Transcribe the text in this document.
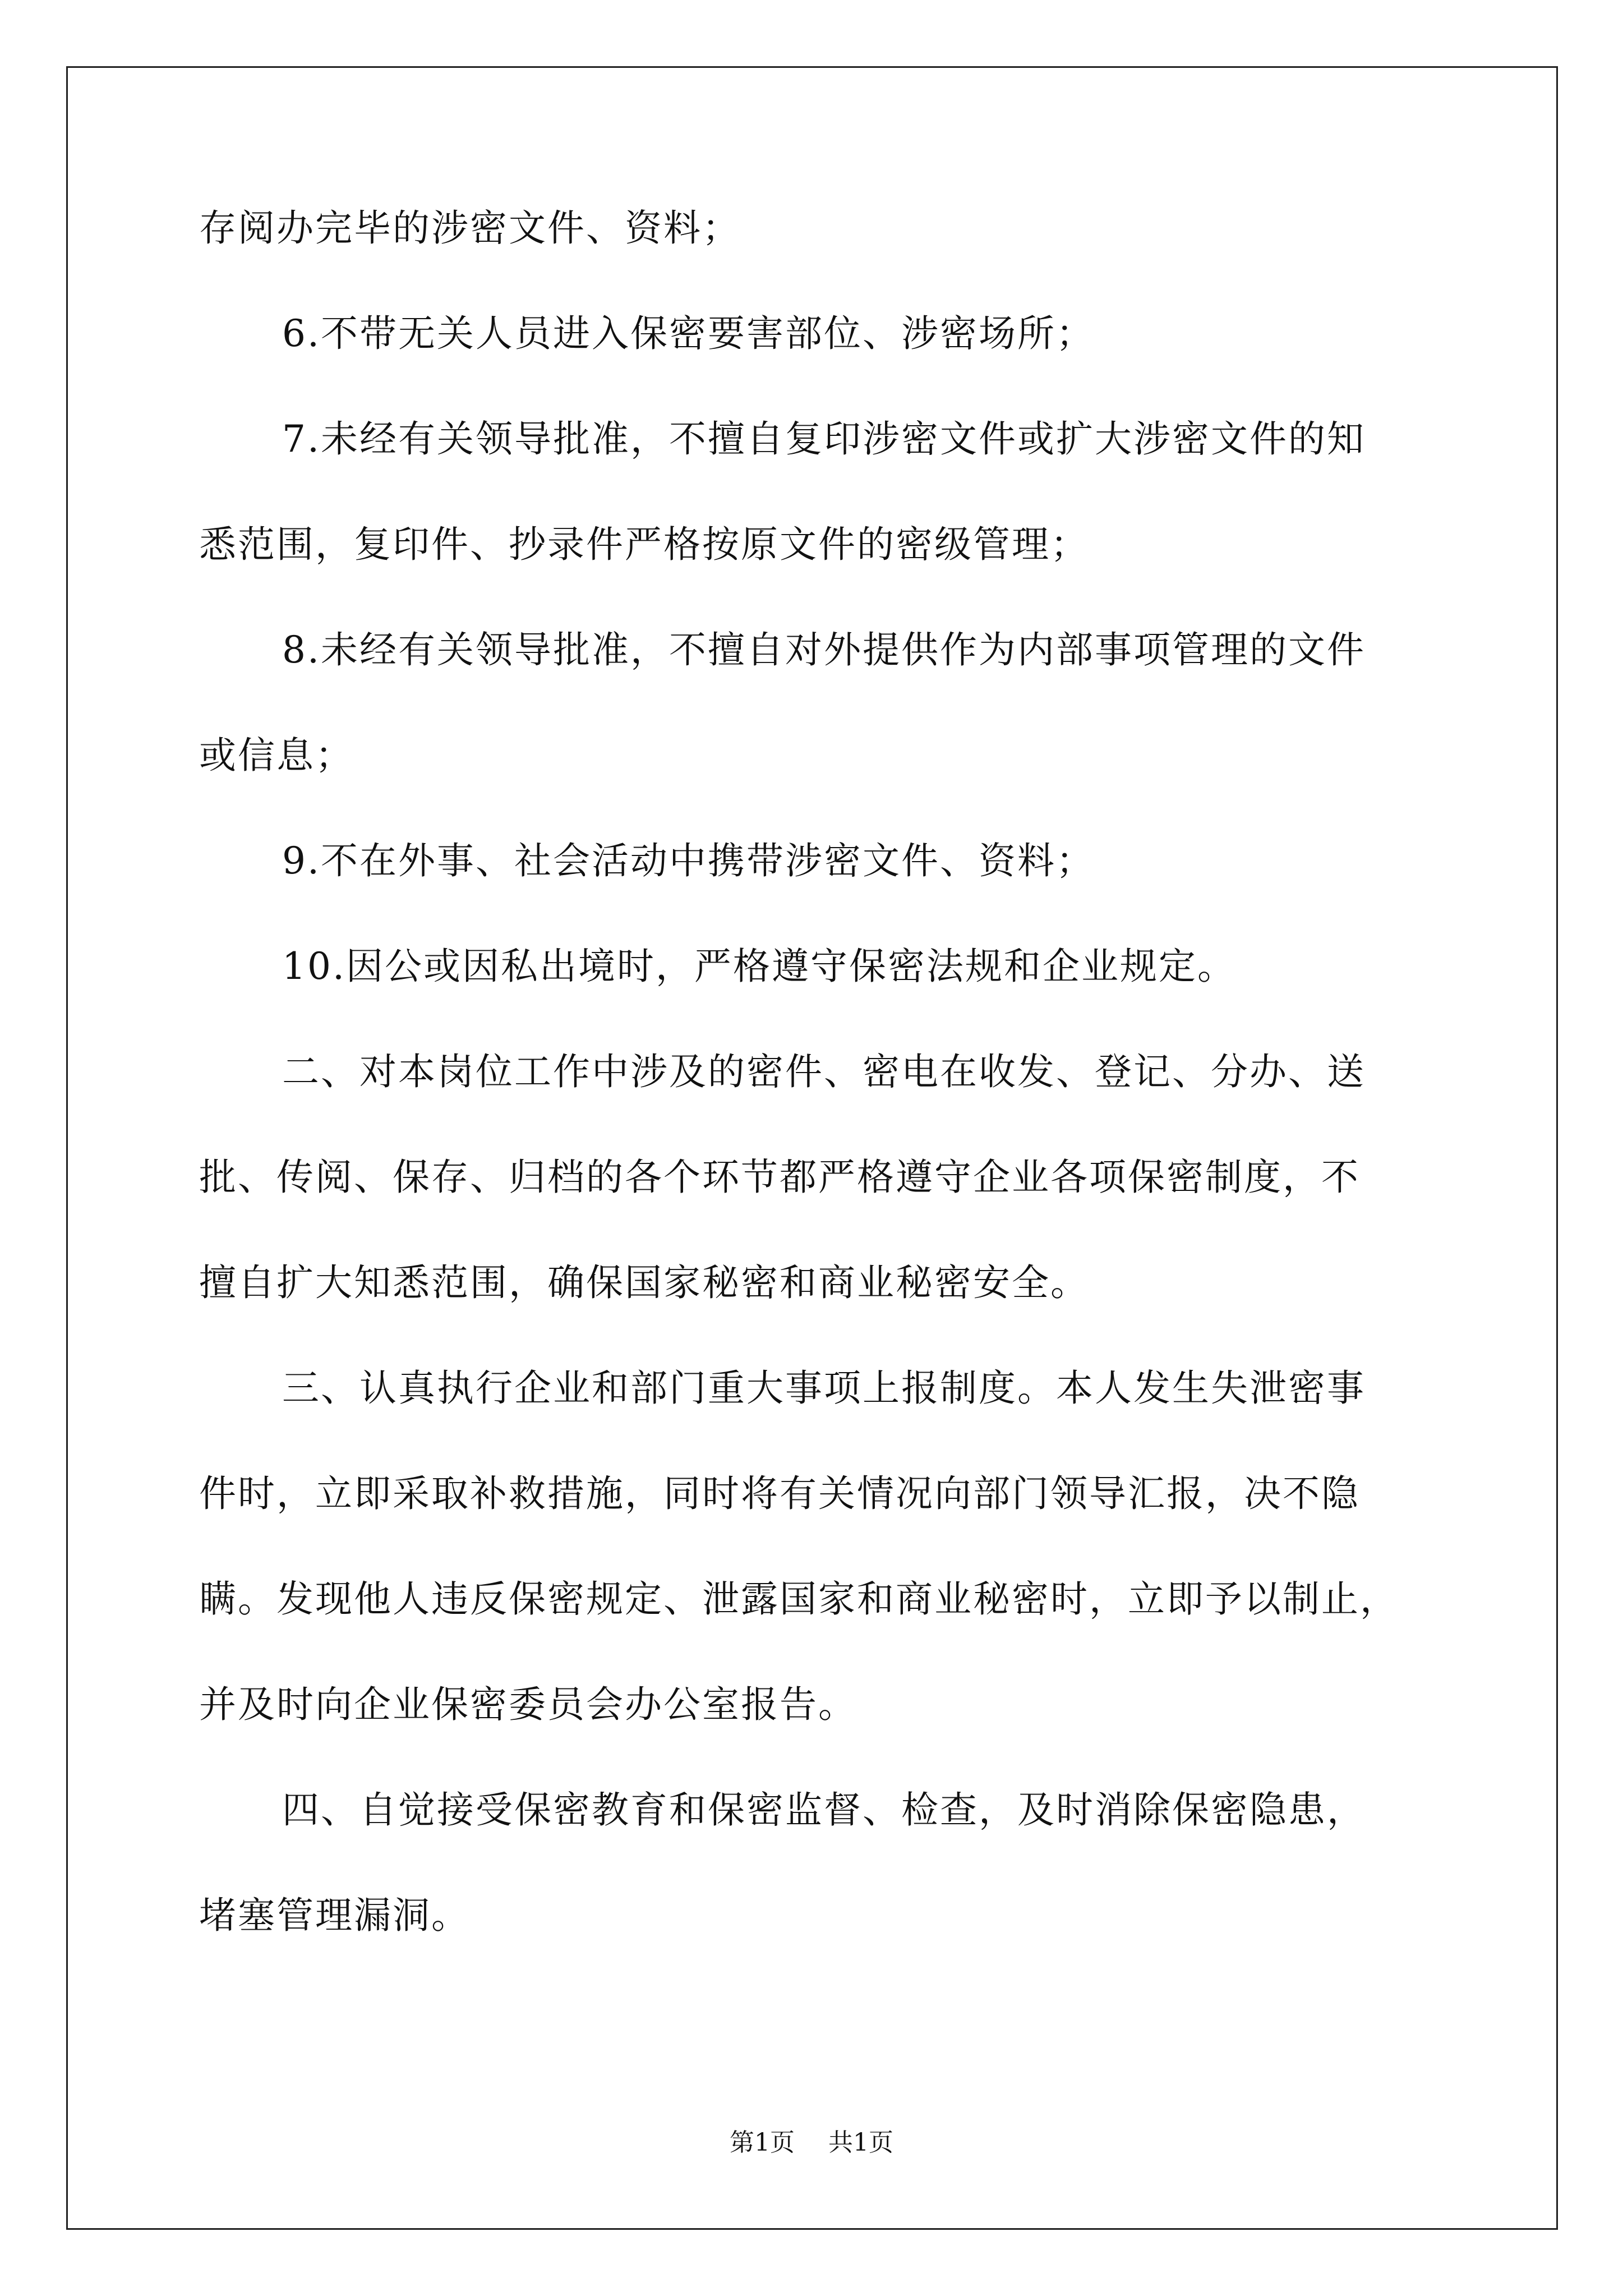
存阅办完毕的涉密文件、资料；
6.不带无关人员进入保密要害部位、涉密场所；
7.未经有关领导批准，不擅自复印涉密文件或扩大涉密文件的知
悉范围，复印件、抄录件严格按原文件的密级管理；
8.未经有关领导批准，不擅自对外提供作为内部事项管理的文件
或信息；
9.不在外事、社会活动中携带涉密文件、资料；
10.因公或因私出境时，严格遵守保密法规和企业规定。
二、对本岗位工作中涉及的密件、密电在收发、登记、分办、送
批、传阅、保存、归档的各个环节都严格遵守企业各项保密制度，不
擅自扩大知悉范围，确保国家秘密和商业秘密安全。
三、认真执行企业和部门重大事项上报制度。本人发生失泄密事
件时，立即采取补救措施，同时将有关情况向部门领导汇报，决不隐
瞒。发现他人违反保密规定、泄露国家和商业秘密时，立即予以制止，
并及时向企业保密委员会办公室报告。
四、自觉接受保密教育和保密监督、检查，及时消除保密隐患，
堵塞管理漏洞。
第1页 共1页
